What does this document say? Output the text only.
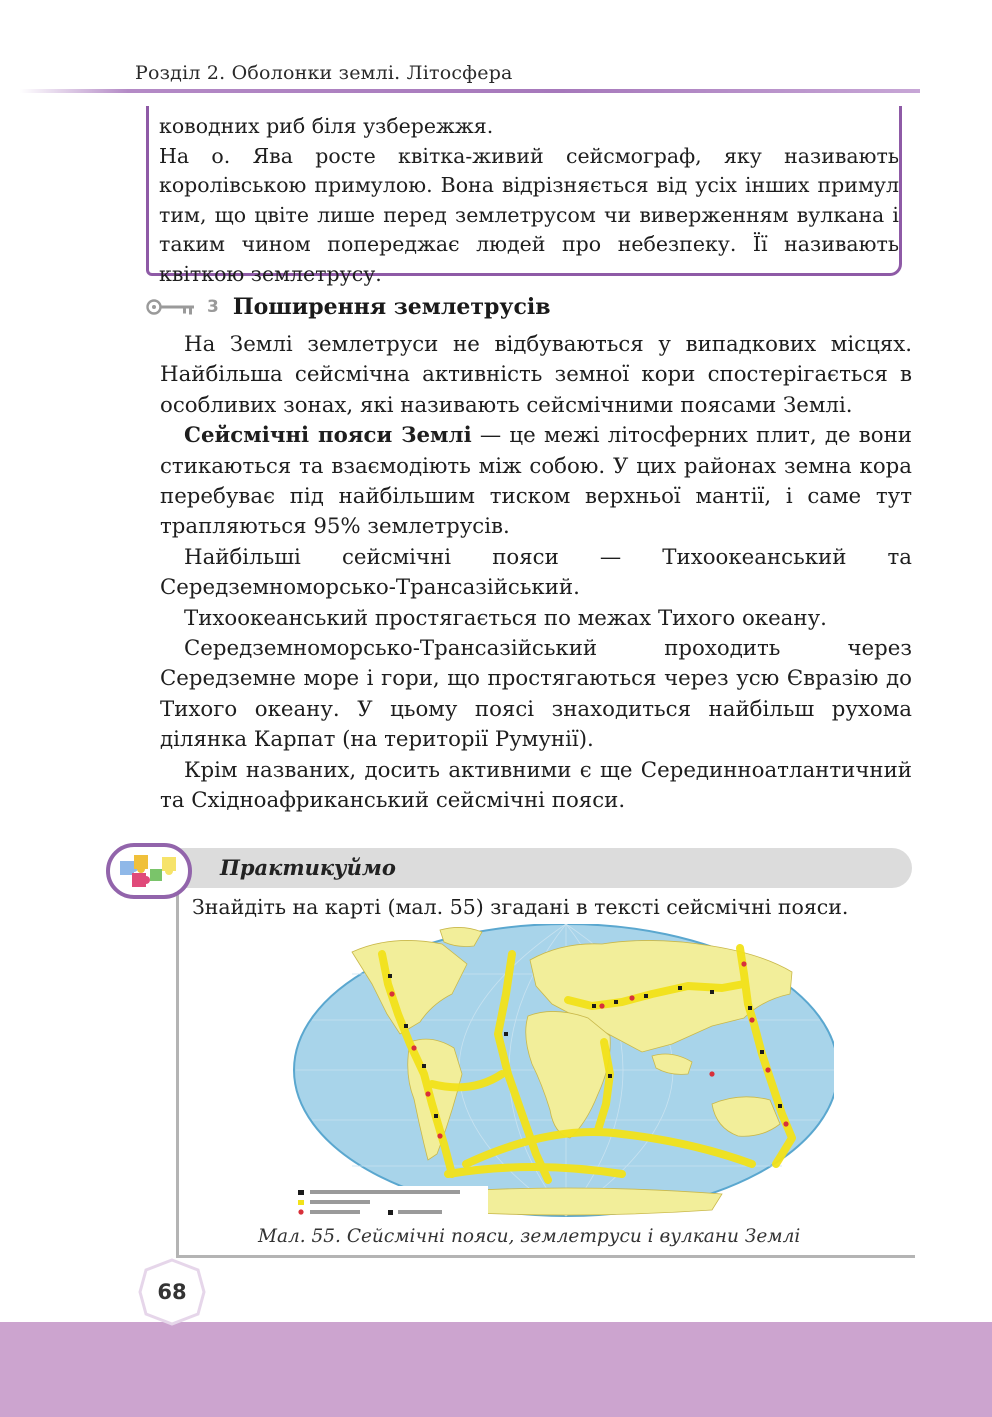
Розділ 2. Оболонки землі. Літосфера

ководних риб біля узбережжя.

На о. Ява росте квітка-живий сейсмограф, яку називають королівською примулою. Вона відрізняється від усіх інших примул тим, що цвіте лише перед землетрусом чи виверженням вулкана і таким чином попереджає людей про небезпеку. Її називають квіткою землетрусу.

3 Поширення землетрусів

На Землі землетруси не відбуваються у випадкових місцях. Найбільша сейсмічна активність земної кори спостерігається в особливих зонах, які називають сейсмічними поясами Землі.

Сейсмічні пояси Землі — це межі літосферних плит, де вони стикаються та взаємодіють між собою. У цих районах земна кора перебуває під найбільшим тиском верхньої мантії, і саме тут трапляються 95% землетрусів.

Найбільші сейсмічні пояси — Тихоокеанський та Середземноморсько-Трансазійський.

Тихоокеанський простягається по межах Тихого океану.

Середземноморсько-Трансазійський проходить через Середземне море і гори, що простягаються через усю Євразію до Тихого океану. У цьому поясі знаходиться найбільш рухома ділянка Карпат (на території Румунії).

Крім названих, досить активними є ще Серединноатлантичний та Східноафриканський сейсмічні пояси.

Практикуймо
Знайдіть на карті (мал. 55) згадані в тексті сейсмічні пояси.
Мал. 55. Сейсмічні пояси, землетруси і вулкани Землі
68
